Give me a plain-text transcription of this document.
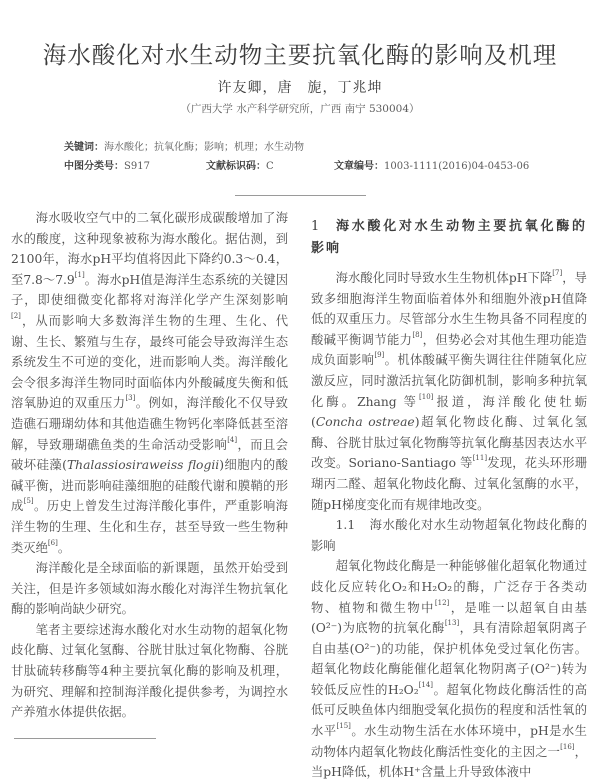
海水酸化对水生动物主要抗氧化酶的影响及机理
许友卿，唐　旎，丁兆坤
（广西大学 水产科学研究所，广西 南宁 530004）
关键词：海水酸化；抗氧化酶；影响；机理；水生动物
中图分类号：S917	文献标识码：C	文章编号：1003-1111(2016)04-0453-06

海水吸收空气中的二氧化碳形成碳酸增加了海水的酸度，这种现象被称为海水酸化。据估测，到2100年，海水pH平均值将因此下降约0.3～0.4，至7.8～7.9[1]。海水pH值是海洋生态系统的关键因子，即使细微变化都将对海洋化学产生深刻影响[2]，从而影响大多数海洋生物的生理、生化、代谢、生长、繁殖与生存，最终可能会导致海洋生态系统发生不可逆的变化，进而影响人类。海洋酸化会令很多海洋生物同时面临体内外酸碱度失衡和低溶氧胁迫的双重压力[3]。例如，海洋酸化不仅导致造礁石珊瑚幼体和其他造礁生物钙化率降低甚至溶解，导致珊瑚礁鱼类的生命活动受影响[4]，而且会破坏硅藻(Thalassiosiraweiss flogii)细胞内的酸碱平衡，进而影响硅藻细胞的硅酸代谢和膜鞘的形成[5]。历史上曾发生过海洋酸化事件，严重影响海洋生物的生理、生化和生存，甚至导致一些生物种类灭绝[6]。

海洋酸化是全球面临的新课题，虽然开始受到关注，但是许多领域如海水酸化对海洋生物抗氧化酶的影响尚缺少研究。

笔者主要综述海水酸化对水生动物的超氧化物歧化酶、过氧化氢酶、谷胱甘肽过氧化物酶、谷胱甘肽硫转移酶等4种主要抗氧化酶的影响及机理，为研究、理解和控制海洋酸化提供参考，为调控水产养殖水体提供依据。

1 海水酸化对水生动物主要抗氧化酶的影响

海水酸化同时导致水生生物机体pH下降[7]，导致多细胞海洋生物面临着体外和细胞外液pH值降低的双重压力。尽管部分水生生物具备不同程度的酸碱平衡调节能力[8]，但势必会对其他生理功能造成负面影响[9]。机体酸碱平衡失调往往伴随氧化应激反应，同时激活抗氧化防御机制，影响多种抗氧化酶。Zhang 等[10]报道，海洋酸化使牡蛎(Concha ostreae)超氧化物歧化酶、过氧化氢酶、谷胱甘肽过氧化物酶等抗氧化酶基因表达水平改变。Soriano-Santiago 等[11]发现，花头环形珊瑚丙二醛、超氧化物歧化酶、过氧化氢酶的水平，随pH梯度变化而有规律地改变。

1.1 海水酸化对水生动物超氧化物歧化酶的影响

超氧化物歧化酶是一种能够催化超氧化物通过歧化反应转化O₂和H₂O₂的酶，广泛存于各类动物、植物和微生物中[12]，是唯一以超氧自由基(O²⁻)为底物的抗氧化酶[13]，具有清除超氧阴离子自由基(O²⁻)的功能，保护机体免受过氧化伤害。超氧化物歧化酶能催化超氧化物阴离子(O²⁻)转为较低反应性的H₂O₂[14]。超氧化物歧化酶活性的高低可反映鱼体内细胞受氧化损伤的程度和活性氧的水平[15]。水生动物生活在水体环境中，pH是水生动物体内超氧化物歧化酶活性变化的主因之一[16]，当pH降低，机体H⁺含量上升导致体液中
